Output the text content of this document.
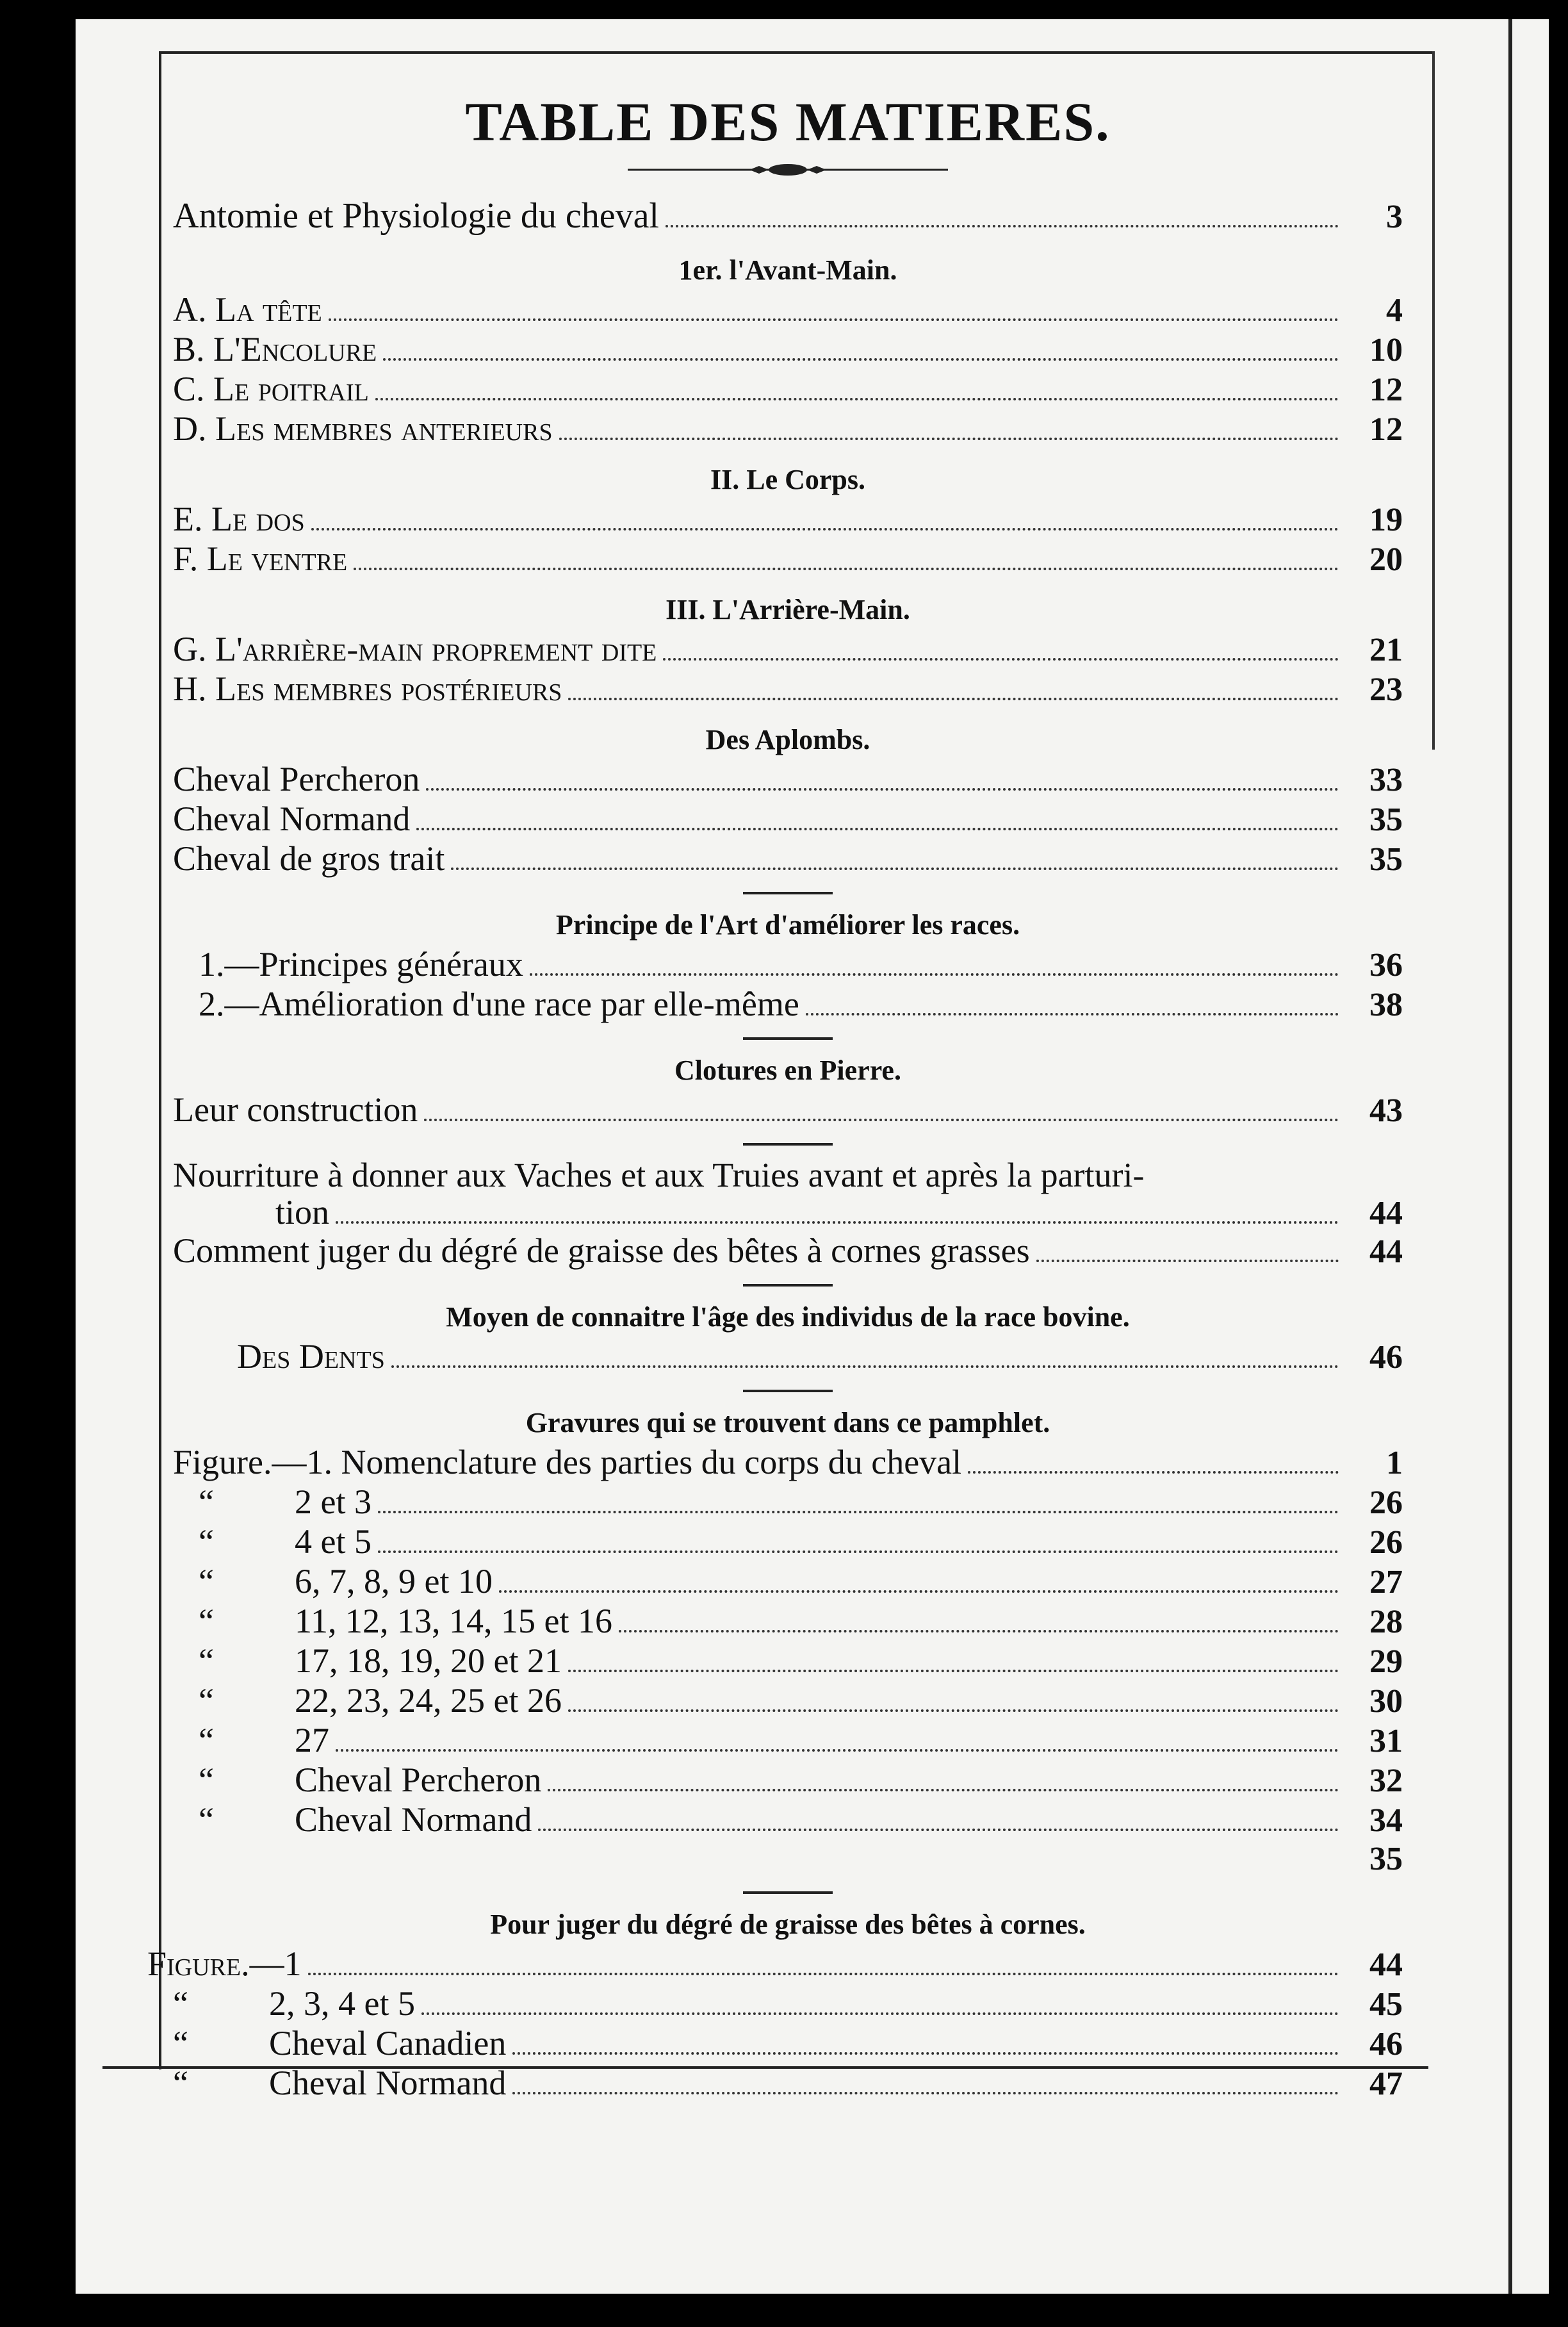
TABLE DES MATIERES.
Antomie et Physiologie du cheval	3
1er. l'Avant-Main.
A. La tête	4
B. L'Encolure	10
C. Le poitrail	12
D. Les membres anterieurs	12
II. Le Corps.
E. Le dos	19
F. Le ventre	20
III. L'Arrière-Main.
G. L'arrière-main proprement dite	21
H. Les membres postérieurs	23
Des Aplombs.
Cheval Percheron	33
Cheval Normand	35
Cheval de gros trait	35
Principe de l'Art d'améliorer les races.
1.—Principes généraux	36
2.—Amélioration d'une race par elle-même	38
Clotures en Pierre.
Leur construction	43
Nourriture à donner aux Vaches et aux Truies avant et après la parturi-
tion	44
Comment juger du dégré de graisse des bêtes à cornes grasses	44
Moyen de connaitre l'âge des individus de la race bovine.
Des Dents	46
Gravures qui se trouvent dans ce pamphlet.
Figure.—1. Nomenclature des parties du corps du cheval	1
“	2 et 3	26
“	4 et 5	26
“	6, 7, 8, 9 et 10	27
“	11, 12, 13, 14, 15 et 16	28
“	17, 18, 19, 20 et 21	29
“	22, 23, 24, 25 et 26	30
“	27	31
“	Cheval Percheron	32
“	Cheval Normand	34
35
Pour juger du dégré de graisse des bêtes à cornes.
Figure.—1	44
“	2, 3, 4 et 5	45
“	Cheval Canadien	46
“	Cheval Normand	47
